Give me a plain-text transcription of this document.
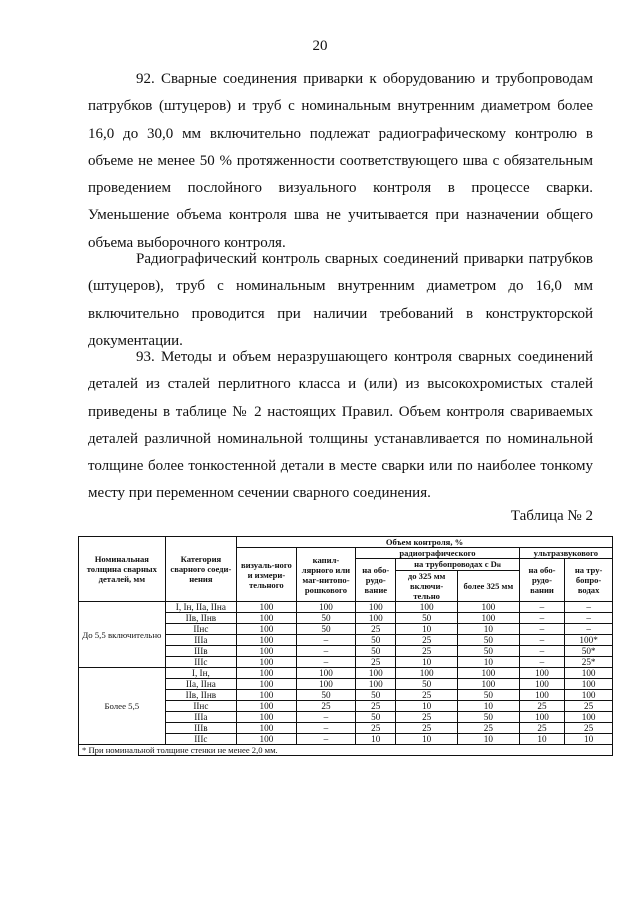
20

92. Сварные соединения приварки к оборудованию и трубопроводам патрубков (штуцеров) и труб с номинальным внутренним диаметром более 16,0 до 30,0 мм включительно подлежат радиографическому контролю в объеме не менее 50 % протяженности соответствующего шва с обязательным проведением послойного визуального контроля в процессе сварки. Уменьшение объема контроля шва не учитывается при назначении общего объема выборочного контроля.

Радиографический контроль сварных соединений приварки патрубков (штуцеров), труб с номинальным внутренним диаметром до 16,0 мм включительно проводится при наличии требований в конструкторской документации.

93. Методы и объем неразрушающего контроля сварных соединений деталей из сталей перлитного класса и (или) из высокохромистых сталей приведены в таблице № 2 настоящих Правил. Объем контроля свариваемых деталей различной номинальной толщины устанавливается по номинальной толщине более тонкостенной детали в месте сварки или по наиболее тонкому месту при переменном сечении сварного соединения.

Таблица № 2
Номинальная толщина сварных деталей, мм	Категория сварного соеди-нения	Объем контроля, %						
		визуаль-ного и измери-тельного	капил-лярного или маг-нитопо-рошкового	радиографического			ультразвукового	
				на обо-рудо-вание	на трубопроводах с Dн		на обо-рудо-вании	на тру-бопро-водах
					до 325 мм включи-тельно	более 325 мм		
До 5,5 включительно	I, Iн, IIа, IIнa	100	100	100	100	100	–	–
	IIв, IIнв	100	50	100	50	100	–	–
	IIнс	100	50	25	10	10	–	–
	IIIа	100	–	50	25	50	–	100*
	IIIв	100	–	50	25	50	–	50*
	IIIс	100	–	25	10	10	–	25*
Более 5,5	I, Iн,	100	100	100	100	100	100	100
	IIа, IIнa	100	100	100	50	100	100	100
	IIв, IIнв	100	50	50	25	50	100	100
	IIнс	100	25	25	10	10	25	25
	IIIа	100	–	50	25	50	100	100
	IIIв	100	–	25	25	25	25	25
	IIIс	100	–	10	10	10	10	10
* При номинальной толщине стенки не менее 2,0 мм.								
